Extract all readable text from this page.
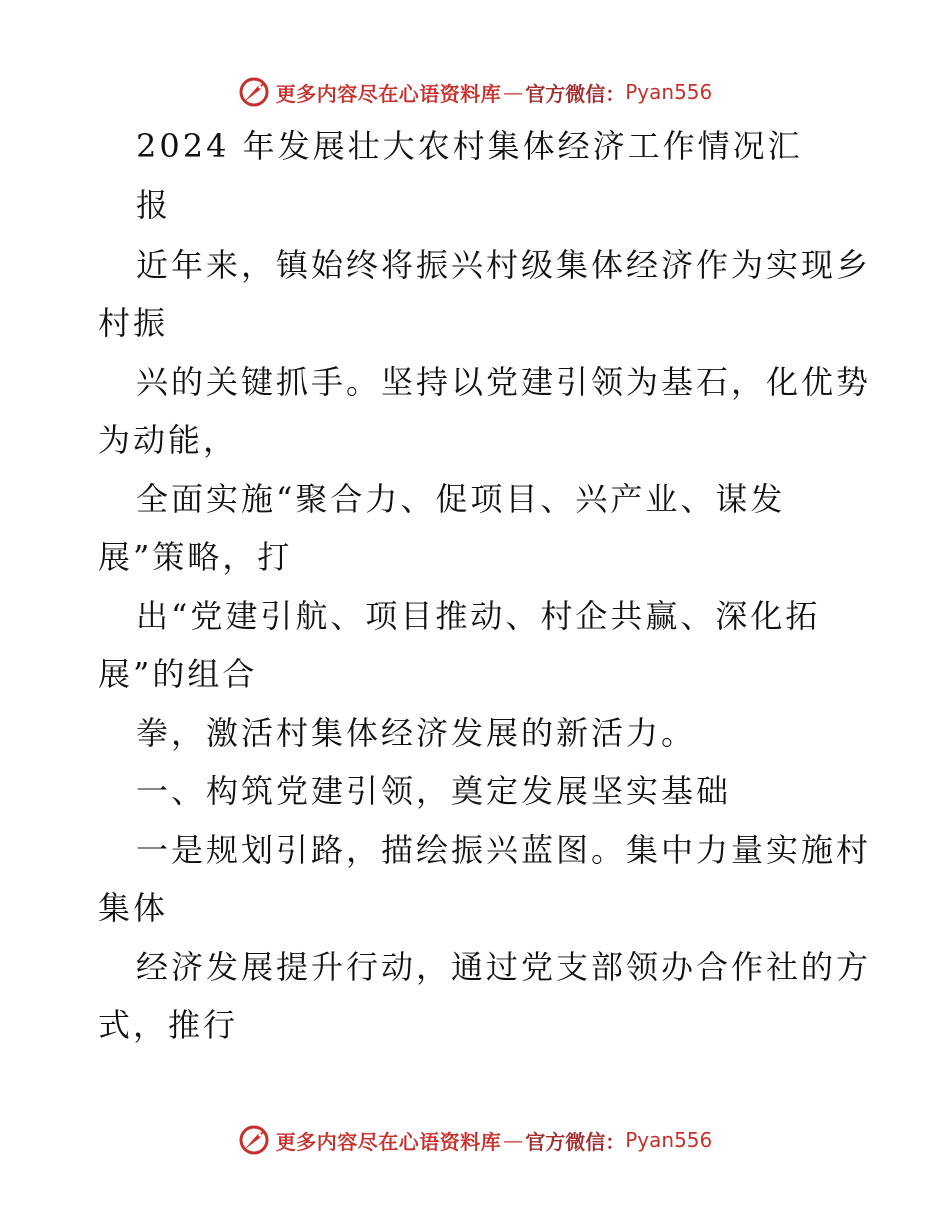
更多内容尽在心语资料库 — 官方微信： Pyan556
2024 年发展壮大农村集体经济工作情况汇
报
近年来，镇始终将振兴村级集体经济作为实现乡
村振
兴的关键抓手。坚持以党建引领为基石，化优势
为动能，
全面实施“聚合力、促项目、兴产业、谋发
展”策略，打
出“党建引航、项目推动、村企共赢、深化拓
展”的组合
拳，激活村集体经济发展的新活力。
一、构筑党建引领，奠定发展坚实基础
一是规划引路，描绘振兴蓝图。集中力量实施村
集体
经济发展提升行动，通过党支部领办合作社的方
式，推行
更多内容尽在心语资料库 — 官方微信： Pyan556
